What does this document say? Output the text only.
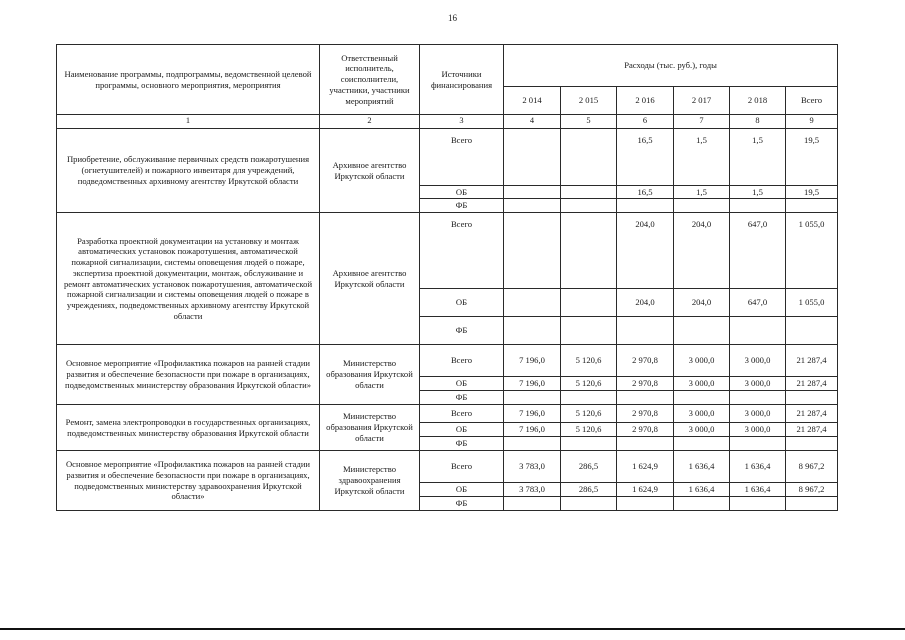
16
Наименование программы, подпрограммы, ведомственной целевой программы, основного мероприятия, мероприятия	Ответственный исполнитель, соисполнители, участники, участники мероприятий	Источники финансирования	Расходы (тыс. руб.), годы					
			2 014	2 015	2 016	2 017	2 018	Всего
1	2	3	4	5	6	7	8	9
Приобретение, обслуживание первичных средств пожаротушения (огнетушителей) и пожарного инвентаря для учреждений, подведомственных архивному агентству Иркутской области	Архивное агентство Иркутской области	Всего			16,5	1,5	1,5	19,5
		ОБ			16,5	1,5	1,5	19,5
		ФБ						
Разработка проектной документации на установку и монтаж автоматических установок пожаротушения, автоматической пожарной сигнализации, системы оповещения людей о пожаре, экспертиза проектной документации, монтаж, обслуживание и ремонт автоматических установок пожаротушения, автоматической пожарной сигнализации и системы оповещения людей о пожаре в учреждениях, подведомственных архивному агентству Иркутской области	Архивное агентство Иркутской области	Всего			204,0	204,0	647,0	1 055,0
		ОБ			204,0	204,0	647,0	1 055,0
		ФБ						
Основное мероприятие «Профилактика пожаров на ранней стадии развития и обеспечение безопасности при пожаре в организациях, подведомственных министерству образования Иркутской области»	Министерство образования Иркутской области	Всего	7 196,0	5 120,6	2 970,8	3 000,0	3 000,0	21 287,4
		ОБ	7 196,0	5 120,6	2 970,8	3 000,0	3 000,0	21 287,4
		ФБ						
Ремонт, замена электропроводки в государственных организациях, подведомственных министерству образования Иркутской области	Министерство образования Иркутской области	Всего	7 196,0	5 120,6	2 970,8	3 000,0	3 000,0	21 287,4
		ОБ	7 196,0	5 120,6	2 970,8	3 000,0	3 000,0	21 287,4
		ФБ						
Основное мероприятие «Профилактика пожаров на ранней стадии развития и обеспечение безопасности при пожаре в организациях, подведомственных министерству здравоохранения Иркутской области»	Министерство здравоохранения Иркутской области	Всего	3 783,0	286,5	1 624,9	1 636,4	1 636,4	8 967,2
		ОБ	3 783,0	286,5	1 624,9	1 636,4	1 636,4	8 967,2
		ФБ						
